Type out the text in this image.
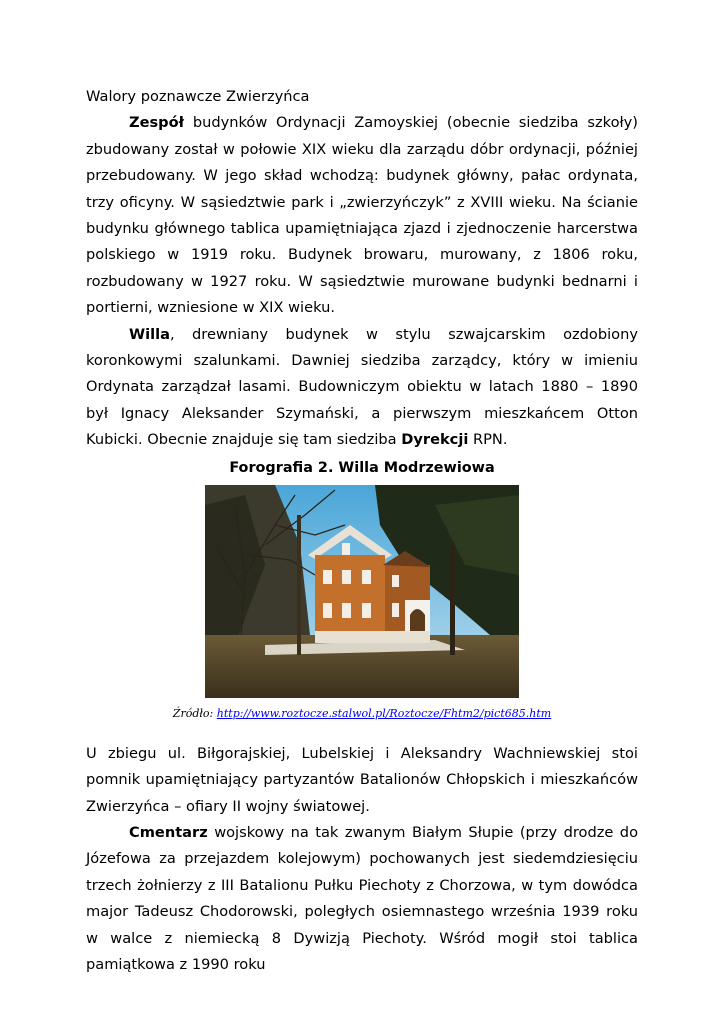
Walory poznawcze Zwierzyńca

Zespół budynków Ordynacji Zamoyskiej (obecnie siedziba szkoły) zbudowany został w połowie XIX wieku dla zarządu dóbr ordynacji, później przebudowany. W jego skład wchodzą: budynek główny, pałac ordynata, trzy oficyny. W sąsiedztwie park i „zwierzyńczyk” z XVIII wieku. Na ścianie budynku głównego tablica upamiętniająca zjazd i zjednoczenie harcerstwa polskiego w 1919 roku. Budynek browaru, murowany, z 1806 roku, rozbudowany w 1927 roku. W sąsiedztwie murowane budynki bednarni i portierni, wzniesione w XIX wieku.

Willa, drewniany budynek w stylu szwajcarskim ozdobiony koronkowymi szalunkami. Dawniej siedziba zarządcy, który w imieniu Ordynata zarządzał lasami. Budowniczym obiektu w latach 1880 – 1890 był Ignacy Aleksander Szymański, a pierwszym mieszkańcem Otton Kubicki. Obecnie znajduje się tam siedziba Dyrekcji RPN.

Forografia 2. Willa Modrzewiowa

Źródło: http://www.roztocze.stalwol.pl/Roztocze/Fhtm2/pict685.htm

U zbiegu ul. Biłgorajskiej, Lubelskiej i Aleksandry Wachniewskiej stoi pomnik upamiętniający partyzantów Batalionów Chłopskich i mieszkańców Zwierzyńca – ofiary II wojny światowej.

Cmentarz wojskowy na tak zwanym Białym Słupie (przy drodze do Józefowa za przejazdem kolejowym) pochowanych jest siedemdziesięciu trzech żołnierzy z III Batalionu Pułku Piechoty z Chorzowa, w tym dowódca major Tadeusz Chodorowski, poległych osiemnastego września 1939 roku w walce z niemiecką 8 Dywizją Piechoty. Wśród mogił stoi tablica pamiątkowa z 1990 roku
